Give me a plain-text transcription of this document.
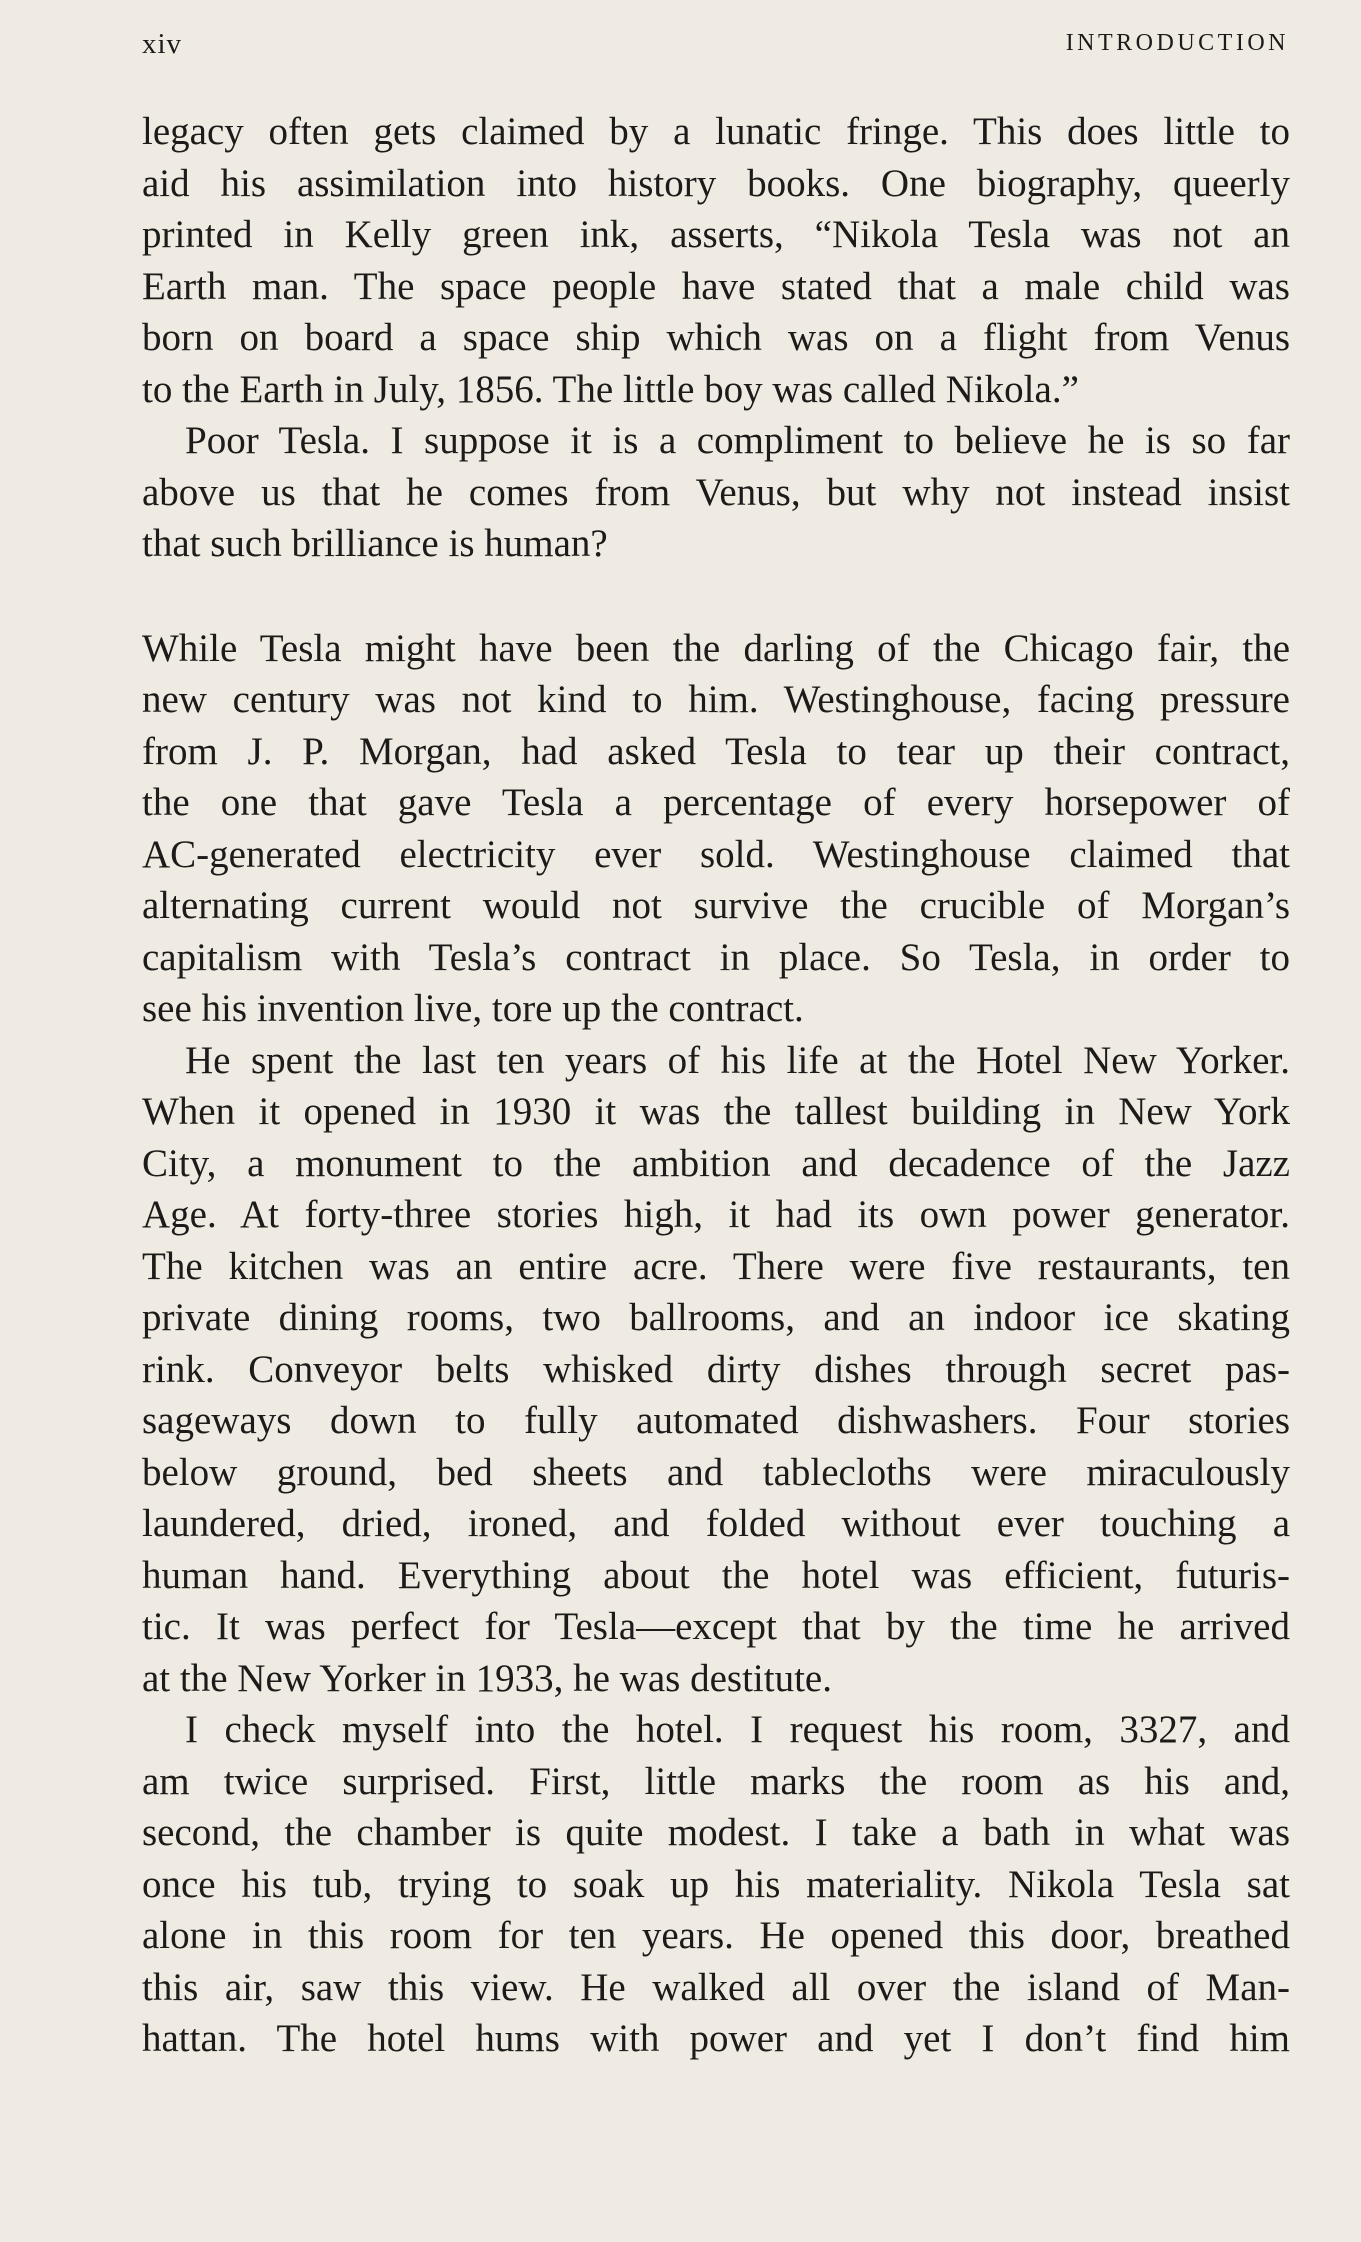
xiv	INTRODUCTION
legacy often gets claimed by a lunatic fringe. This does little to
aid his assimilation into history books. One biography, queerly
printed in Kelly green ink, asserts, “Nikola Tesla was not an
Earth man. The space people have stated that a male child was
born on board a space ship which was on a flight from Venus
to the Earth in July, 1856. The little boy was called Nikola.”
Poor Tesla. I suppose it is a compliment to believe he is so far
above us that he comes from Venus, but why not instead insist
that such brilliance is human?
While Tesla might have been the darling of the Chicago fair, the
new century was not kind to him. Westinghouse, facing pressure
from J. P. Morgan, had asked Tesla to tear up their contract,
the one that gave Tesla a percentage of every horsepower of
AC-generated electricity ever sold. Westinghouse claimed that
alternating current would not survive the crucible of Morgan’s
capitalism with Tesla’s contract in place. So Tesla, in order to
see his invention live, tore up the contract.
He spent the last ten years of his life at the Hotel New Yorker.
When it opened in 1930 it was the tallest building in New York
City, a monument to the ambition and decadence of the Jazz
Age. At forty-three stories high, it had its own power generator.
The kitchen was an entire acre. There were five restaurants, ten
private dining rooms, two ballrooms, and an indoor ice skating
rink. Conveyor belts whisked dirty dishes through secret pas-
sageways down to fully automated dishwashers. Four stories
below ground, bed sheets and tablecloths were miraculously
laundered, dried, ironed, and folded without ever touching a
human hand. Everything about the hotel was efficient, futuris-
tic. It was perfect for Tesla—except that by the time he arrived
at the New Yorker in 1933, he was destitute.
I check myself into the hotel. I request his room, 3327, and
am twice surprised. First, little marks the room as his and,
second, the chamber is quite modest. I take a bath in what was
once his tub, trying to soak up his materiality. Nikola Tesla sat
alone in this room for ten years. He opened this door, breathed
this air, saw this view. He walked all over the island of Man-
hattan. The hotel hums with power and yet I don’t find him
